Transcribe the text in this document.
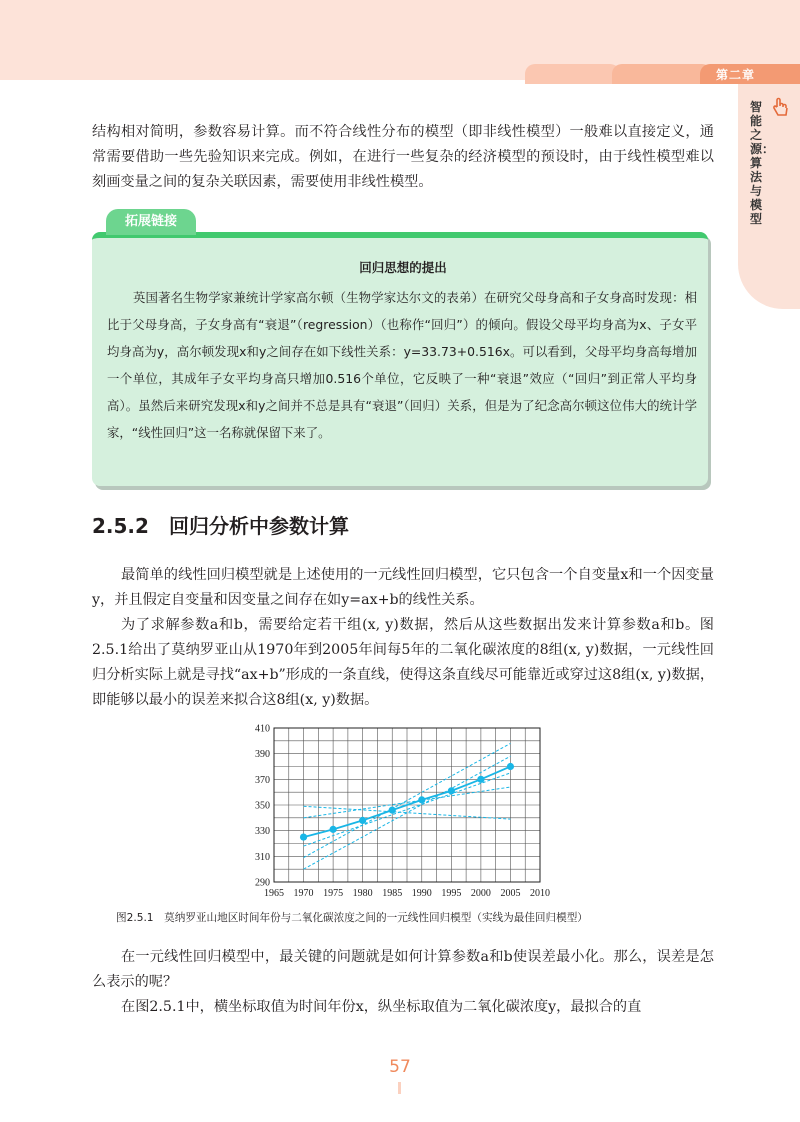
第二章
智能之源：算法与模型

结构相对简明，参数容易计算。而不符合线性分布的模型（即非线性模型）一般难以直接定义，通常需要借助一些先验知识来完成。例如，在进行一些复杂的经济模型的预设时，由于线性模型难以刻画变量之间的复杂关联因素，需要使用非线性模型。

拓展链接
回归思想的提出

英国著名生物学家兼统计学家高尔顿（生物学家达尔文的表弟）在研究父母身高和子女身高时发现：相比于父母身高，子女身高有“衰退”（regression）（也称作“回归”）的倾向。假设父母平均身高为x、子女平均身高为y，高尔顿发现x和y之间存在如下线性关系：y=33.73+0.516x。可以看到，父母平均身高每增加一个单位，其成年子女平均身高只增加0.516个单位，它反映了一种“衰退”效应（“回归”到正常人平均身高）。虽然后来研究发现x和y之间并不总是具有“衰退”（回归）关系，但是为了纪念高尔顿这位伟大的统计学家，“线性回归”这一名称就保留下来了。

2.5.2　回归分析中参数计算

最简单的线性回归模型就是上述使用的一元线性回归模型，它只包含一个自变量x和一个因变量y，并且假定自变量和因变量之间存在如y=ax+b的线性关系。

为了求解参数a和b，需要给定若干组(x, y)数据，然后从这些数据出发来计算参数a和b。图2.5.1给出了莫纳罗亚山从1970年到2005年间每5年的二氧化碳浓度的8组(x, y)数据，一元线性回归分析实际上就是寻找“ax+b”形成的一条直线，使得这条直线尽可能靠近或穿过这8组(x, y)数据，即能够以最小的误差来拟合这8组(x, y)数据。

1965 1970 1975 1980 1985 1990 1995 2000 2005 2010
290
310
330
350
370
390
410
图2.5.1　莫纳罗亚山地区时间年份与二氧化碳浓度之间的一元线性回归模型（实线为最佳回归模型）

在一元线性回归模型中，最关键的问题就是如何计算参数a和b使误差最小化。那么，误差是怎么表示的呢？

在图2.5.1中，横坐标取值为时间年份x，纵坐标取值为二氧化碳浓度y，最拟合的直

57
